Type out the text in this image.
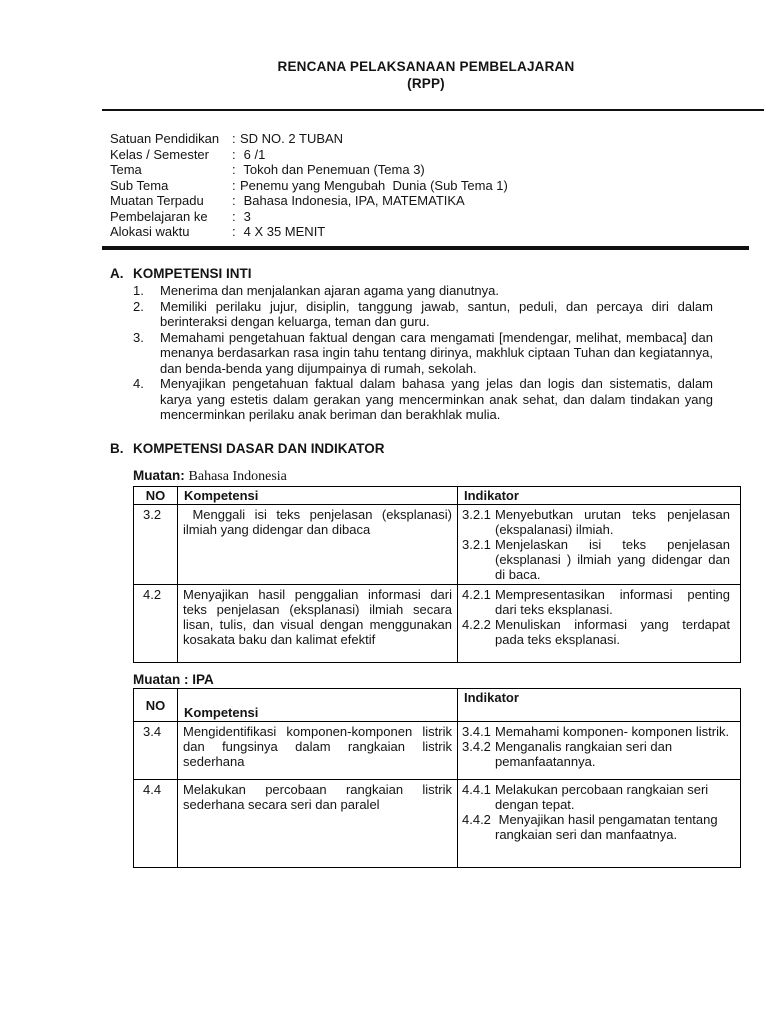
RENCANA PELAKSANAAN PEMBELAJARAN
(RPP)
Satuan Pendidikan : SD NO. 2 TUBAN
Kelas / Semester	: 6 /1
Tema	: Tokoh dan Penemuan (Tema 3)
Sub Tema	: Penemu yang Mengubah  Dunia (Sub Tema 1)
Muatan Terpadu	: Bahasa Indonesia, IPA, MATEMATIKA
Pembelajaran ke	: 3
Alokasi waktu	: 4 X 35 MENIT
A. KOMPETENSI INTI
1.	Menerima dan menjalankan ajaran agama yang dianutnya.
2.	Memiliki perilaku jujur, disiplin, tanggung jawab, santun, peduli, dan percaya diri dalam berinteraksi dengan keluarga, teman dan guru.
3.	Memahami pengetahuan faktual dengan cara mengamati [mendengar, melihat, membaca] dan menanya berdasarkan rasa ingin tahu tentang dirinya, makhluk ciptaan Tuhan dan kegiatannya, dan benda-benda yang dijumpainya di rumah, sekolah.
4.	Menyajikan pengetahuan faktual dalam bahasa yang jelas dan logis dan sistematis, dalam karya yang estetis dalam gerakan yang mencerminkan anak sehat, dan dalam tindakan yang mencerminkan perilaku anak beriman dan berakhlak mulia.
B. KOMPETENSI DASAR DAN INDIKATOR
Muatan: Bahasa Indonesia
NO	Kompetensi	Indikator
3.2	Menggali isi teks penjelasan (eksplanasi) ilmiah yang didengar dan dibaca	3.2.1 Menyebutkan urutan teks penjelasan (ekspalanasi) ilmiah.
3.2.1 Menjelaskan isi teks penjelasan (eksplanasi ) ilmiah yang didengar dan di baca.

4.2	Menyajikan hasil penggalian informasi dari teks penjelasan (eksplanasi) ilmiah secara lisan, tulis, dan visual dengan menggunakan kosakata baku dan kalimat efektif	4.2.1 Mempresentasikan informasi penting dari teks eksplanasi.
4.2.2 Menuliskan informasi yang terdapat pada teks eksplanasi.
Muatan : IPA
NO	Kompetensi	Indikator
3.4	Mengidentifikasi komponen-komponen listrik dan fungsinya dalam rangkaian listrik sederhana	3.4.1 Memahami komponen- komponen listrik.
3.4.2 Menganalis rangkaian seri dan pemanfaatannya.

4.4	Melakukan percobaan rangkaian listrik sederhana secara seri dan paralel	4.4.1 Melakukan percobaan rangkaian seri dengan tepat.
4.4.2 Menyajikan hasil pengamatan tentang  rangkaian seri dan manfaatnya.
